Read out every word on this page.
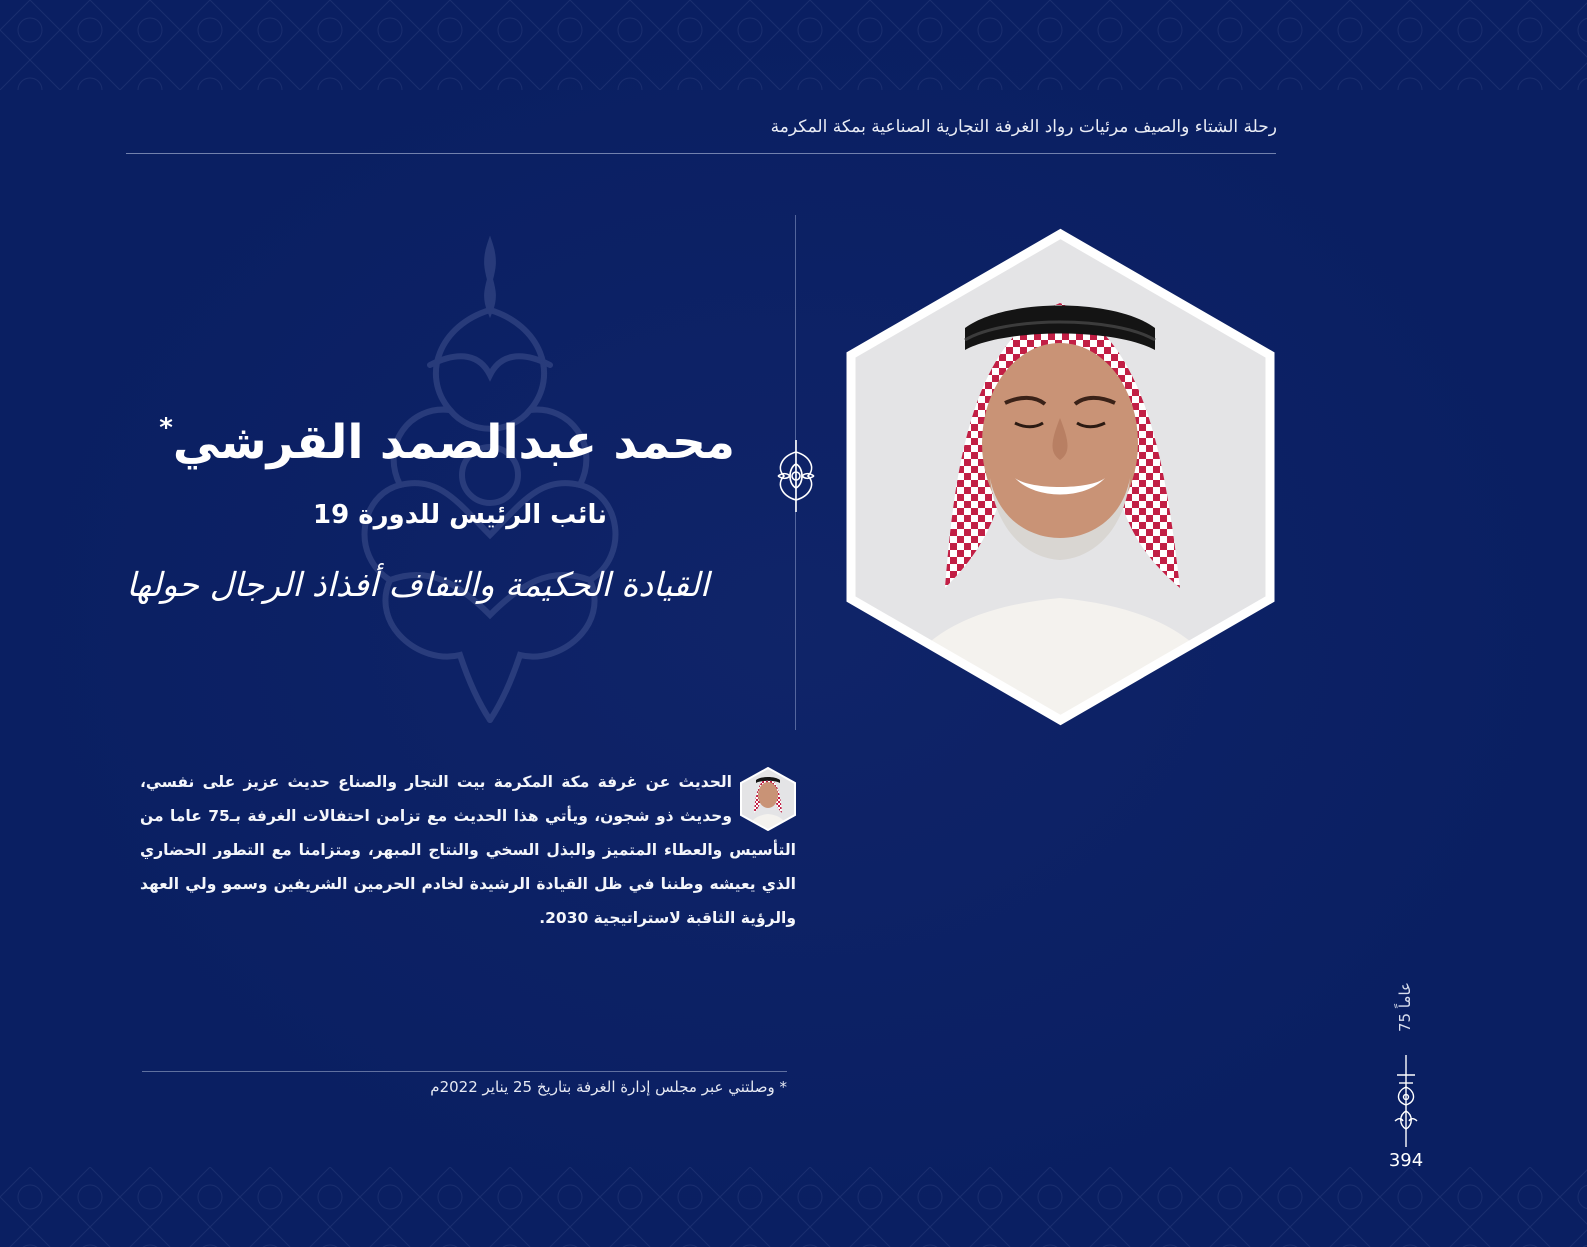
رحلة الشتاء والصيف مرئيات رواد الغرفة التجارية الصناعية بمكة المكرمة
محمد عبدالصمد القرشي*
نائب الرئيس للدورة 19
القيادة الحكيمة والتفاف أفذاذ الرجال حولها
الحديث عن غرفة مكة المكرمة بيت التجار والصناع حديث عزيز على نفسي، وحديث ذو شجون، ويأتي هذا الحديث مع تزامن احتفالات الغرفة بـ75 عاما من التأسيس والعطاء المتميز والبذل السخي والنتاج المبهر، ومتزامنا مع التطور الحضاري الذي يعيشه وطننا في ظل القيادة الرشيدة لخادم الحرمين الشريفين وسمو ولي العهد والرؤية الثاقبة لاستراتيجية 2030.
* وصلتني عبر مجلس إدارة الغرفة بتاريخ 25 يناير 2022م
75 عاماً
394
